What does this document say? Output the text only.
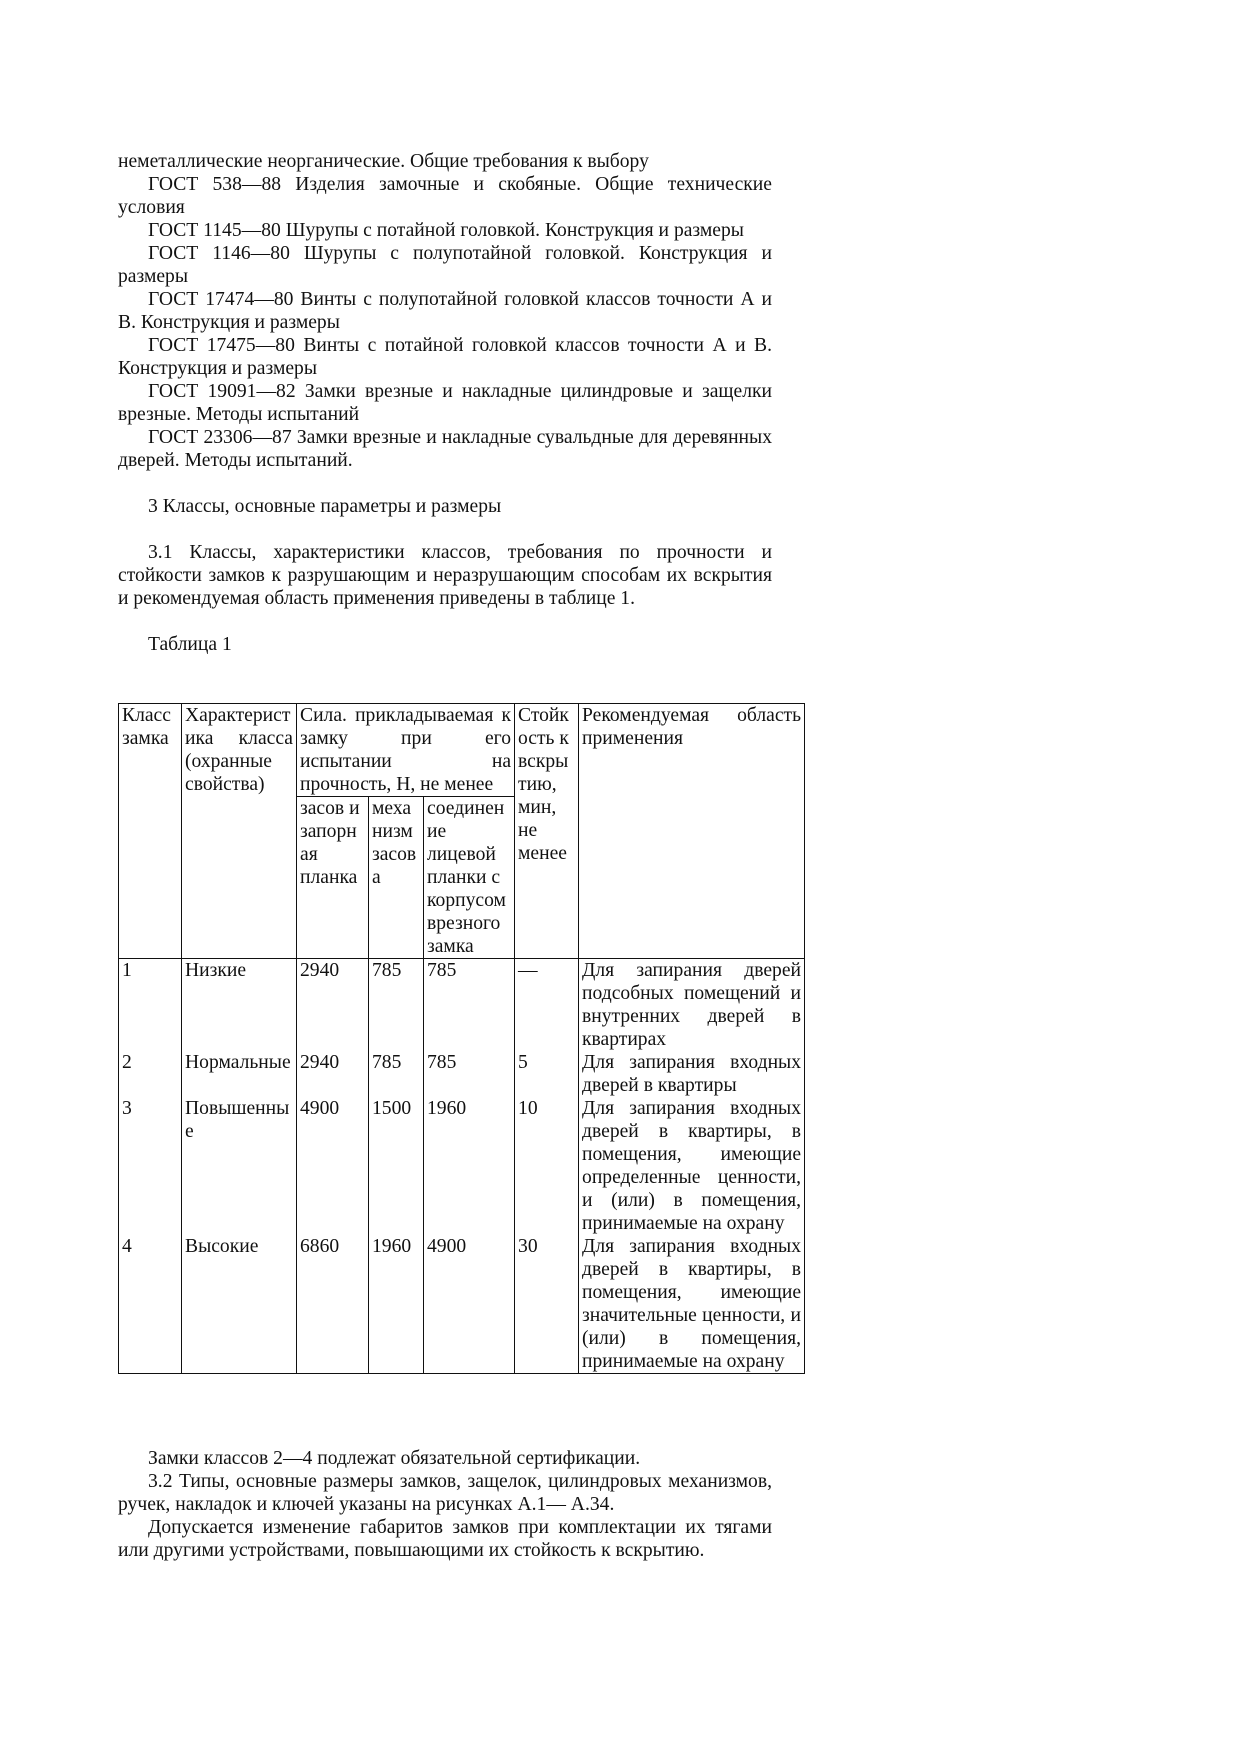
неметаллические неорганические. Общие требования к выбору

ГОСТ 538—88 Изделия замочные и скобяные. Общие технические условия

ГОСТ 1145—80 Шурупы с потайной головкой. Конструкция и размеры

ГОСТ 1146—80 Шурупы с полупотайной головкой. Конструкция и размеры

ГОСТ 17474—80 Винты с полупотайной головкой классов точности А и В. Конструкция и размеры

ГОСТ 17475—80 Винты с потайной головкой классов точности А и В. Конструкция и размеры

ГОСТ 19091—82 Замки врезные и накладные цилиндровые и защелки врезные. Методы испытаний

ГОСТ 23306—87 Замки врезные и накладные сувальдные для деревянных дверей. Методы испытаний.

3 Классы, основные параметры и размеры

3.1 Классы, характеристики классов, требования по прочности и стойкости замков к разрушающим и неразрушающим способам их вскрытия и рекомендуемая область применения приведены в таблице 1.

Таблица 1

Класс замка	Характеристика класса (охранные свойства)	Сила. прикладываемая к замку при его испытании на прочность, Н, не менее			Стойкость к вскрытию, мин, не менее	Рекомендуемая область применения
		засов и запорная планка	механизм засова	соединение лицевой планки с корпусом врезного замка		
1	Низкие	2940	785	785	—	Для запирания дверей подсобных помещений и внутренних дверей в квартирах
2	Нормальные	2940	785	785	5	Для запирания входных дверей в квартиры
3	Повышенные	4900	1500	1960	10	Для запирания входных дверей в квартиры, в помещения, имеющие определенные ценности, и (или) в помещения, принимаемые на охрану
4	Высокие	6860	1960	4900	30	Для запирания входных дверей в квартиры, в помещения, имеющие значительные ценности, и (или) в помещения, принимаемые на охрану

Замки классов 2—4 подлежат обязательной сертификации.

3.2 Типы, основные размеры замков, защелок, цилиндровых механизмов, ручек, накладок и ключей указаны на рисунках А.1— А.34.

Допускается изменение габаритов замков при комплектации их тягами или другими устройствами, повышающими их стойкость к вскрытию.
